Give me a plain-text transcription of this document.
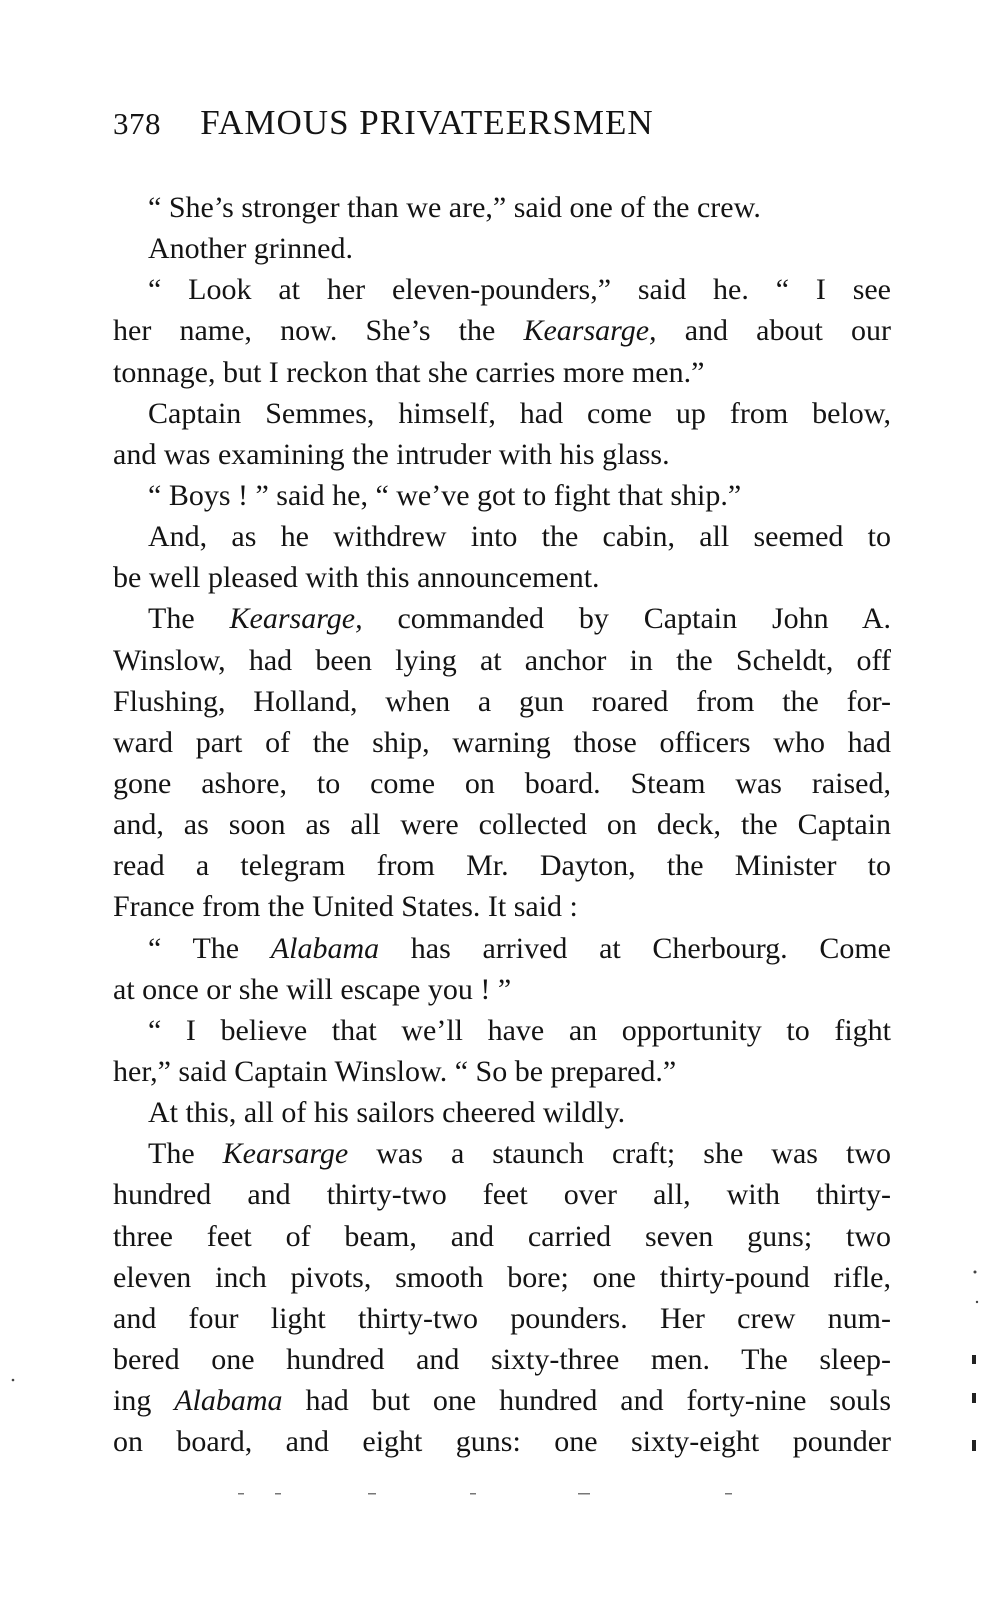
378 FAMOUS PRIVATEERSMEN
“ She’s stronger than we are,” said one of the crew.
Another grinned.
“ Look at her eleven-pounders,” said he. “ I see
her name, now. She’s the Kearsarge, and about our
tonnage, but I reckon that she carries more men.”
Captain Semmes, himself, had come up from below,
and was examining the intruder with his glass.
“ Boys ! ” said he, “ we’ve got to fight that ship.”
And, as he withdrew into the cabin, all seemed to
be well pleased with this announcement.
The Kearsarge, commanded by Captain John A.
Winslow, had been lying at anchor in the Scheldt, off
Flushing, Holland, when a gun roared from the for-
ward part of the ship, warning those officers who had
gone ashore, to come on board. Steam was raised,
and, as soon as all were collected on deck, the Captain
read a telegram from Mr. Dayton, the Minister to
France from the United States. It said :
“ The Alabama has arrived at Cherbourg. Come
at once or she will escape you ! ”
“ I believe that we’ll have an opportunity to fight
her,” said Captain Winslow. “ So be prepared.”
At this, all of his sailors cheered wildly.
The Kearsarge was a staunch craft; she was two
hundred and thirty-two feet over all, with thirty-
three feet of beam, and carried seven guns; two
eleven inch pivots, smooth bore; one thirty-pound rifle,
and four light thirty-two pounders. Her crew num-
bered one hundred and sixty-three men. The sleep-
ing Alabama had but one hundred and forty-nine souls
on board, and eight guns: one sixty-eight pounder
